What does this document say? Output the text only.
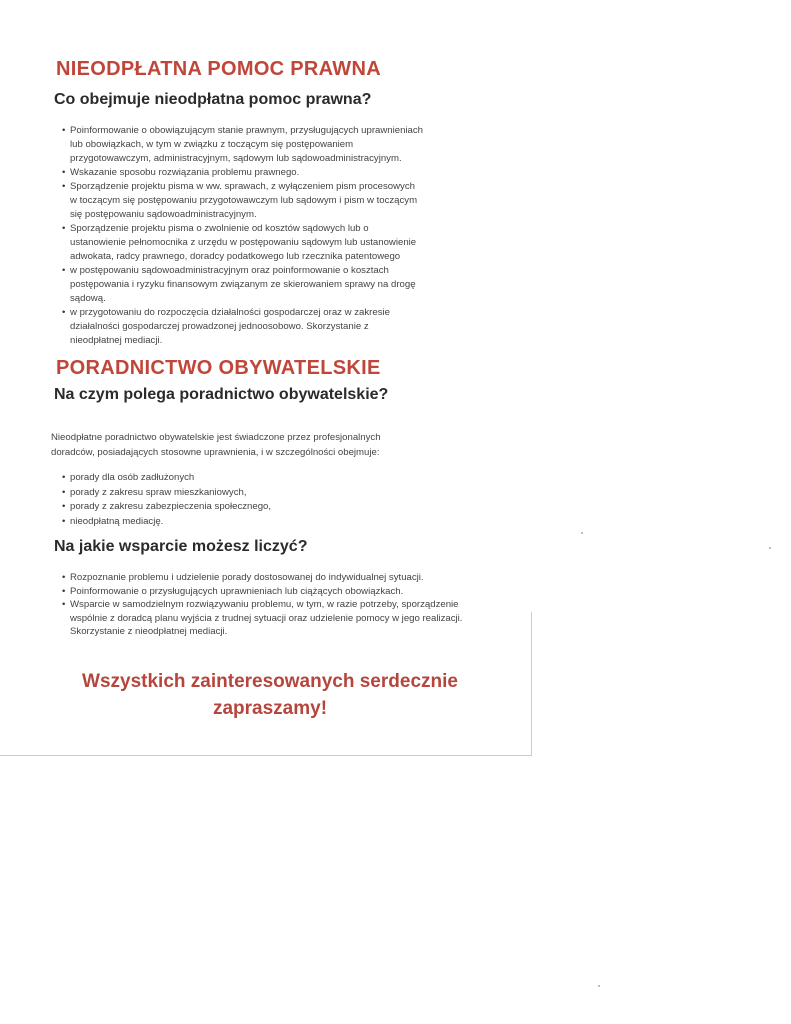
NIEODPŁATNA POMOC PRAWNA
Co obejmuje nieodpłatna pomoc prawna?
• Poinformowanie o obowiązującym stanie prawnym, przysługujących uprawnieniach
lub obowiązkach, w tym w związku z toczącym się postępowaniem
przygotowawczym, administracyjnym, sądowym lub sądowoadministracyjnym.
• Wskazanie sposobu rozwiązania problemu prawnego.
• Sporządzenie projektu pisma w ww. sprawach, z wyłączeniem pism procesowych
w toczącym się postępowaniu przygotowawczym lub sądowym i pism w toczącym
się postępowaniu sądowoadministracyjnym.
• Sporządzenie projektu pisma o zwolnienie od kosztów sądowych lub o
ustanowienie pełnomocnika z urzędu w postępowaniu sądowym lub ustanowienie
adwokata, radcy prawnego, doradcy podatkowego lub rzecznika patentowego
• w postępowaniu sądowoadministracyjnym oraz poinformowanie o kosztach
postępowania i ryzyku finansowym związanym ze skierowaniem sprawy na drogę
sądową.
• w przygotowaniu do rozpoczęcia działalności gospodarczej oraz w zakresie
działalności gospodarczej prowadzonej jednoosobowo. Skorzystanie z
nieodpłatnej mediacji.
PORADNICTWO OBYWATELSKIE
Na czym polega poradnictwo obywatelskie?
Nieodpłatne poradnictwo obywatelskie jest świadczone przez profesjonalnych
doradców, posiadających stosowne uprawnienia, i w szczególności obejmuje:
• porady dla osób zadłużonych
• porady z zakresu spraw mieszkaniowych,
• porady z zakresu zabezpieczenia społecznego,
• nieodpłatną mediację.
Na jakie wsparcie możesz liczyć?
• Rozpoznanie problemu i udzielenie porady dostosowanej do indywidualnej sytuacji.
• Poinformowanie o przysługujących uprawnieniach lub ciążących obowiązkach.
• Wsparcie w samodzielnym rozwiązywaniu problemu, w tym, w razie potrzeby, sporządzenie
wspólnie z doradcą planu wyjścia z trudnej sytuacji oraz udzielenie pomocy w jego realizacji.
Skorzystanie z nieodpłatnej mediacji.

Wszystkich zainteresowanych serdecznie
zapraszamy!
